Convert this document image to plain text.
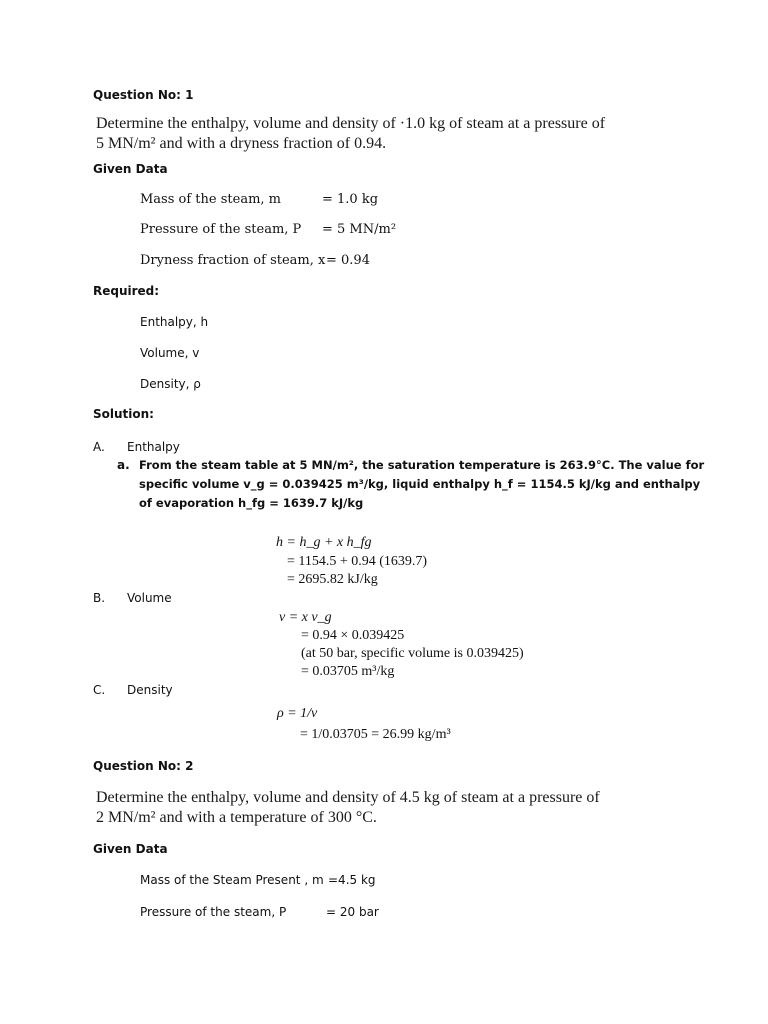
Question No: 1
Determine the enthalpy, volume and density of ·1.0 kg of steam at a pressure of
5 MN/m² and with a dryness fraction of 0.94.
Given Data
Mass of the steam, m	= 1.0 kg
Pressure of the steam, P = 5 MN/m²
Dryness fraction of steam, x = 0.94
Required:
Enthalpy, h
Volume, v
Density, ρ
Solution:
A. Enthalpy
a. From the steam table at 5 MN/m², the saturation temperature is 263.9°C. The value for
specific volume v_g = 0.039425 m³/kg, liquid enthalpy h_f = 1154.5 kJ/kg and enthalpy
of evaporation h_fg = 1639.7 kJ/kg
h = h_g + x h_fg
= 1154.5 + 0.94 (1639.7)
= 2695.82 kJ/kg
B. Volume
v = x v_g
= 0.94 × 0.039425
(at 50 bar, specific volume is 0.039425)
= 0.03705 m³/kg
C. Density
ρ = 1/v
= 1/0.03705 = 26.99 kg/m³
Question No: 2
Determine the enthalpy, volume and density of 4.5 kg of steam at a pressure of
2 MN/m² and with a temperature of 300 °C.
Given Data
Mass of the Steam Present , m =4.5 kg
Pressure of the steam, P	= 20 bar
